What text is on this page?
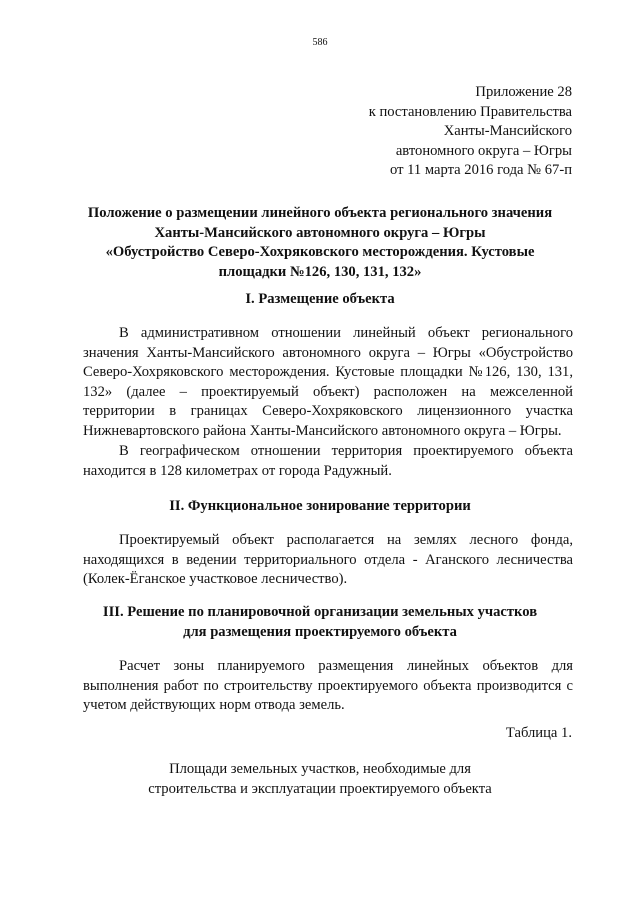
586
Приложение 28
к постановлению Правительства
Ханты-Мансийского
автономного округа – Югры
от 11 марта 2016 года № 67-п
Положение о размещении линейного объекта регионального значения
Ханты-Мансийского автономного округа – Югры
«Обустройство Северо-Хохряковского месторождения. Кустовые
площадки №126, 130, 131, 132»
I. Размещение объекта
В административном отношении линейный объект регионального значения Ханты-Мансийского автономного округа – Югры «Обустройство Северо-Хохряковского месторождения. Кустовые площадки №126, 130, 131, 132» (далее – проектируемый объект) расположен на межселенной территории в границах Северо-Хохряковского лицензионного участка Нижневартовского района Ханты-Мансийского автономного округа – Югры.
В географическом отношении территория проектируемого объекта находится в 128 километрах от города Радужный.
II. Функциональное зонирование территории
Проектируемый объект располагается на землях лесного фонда, находящихся в ведении территориального отдела - Аганского лесничества (Колек-Ёганское участковое лесничество).
III. Решение по планировочной организации земельных участков
для размещения проектируемого объекта
Расчет зоны планируемого размещения линейных объектов для выполнения работ по строительству проектируемого объекта производится с учетом действующих норм отвода земель.
Таблица 1.
Площади земельных участков, необходимые для
строительства и эксплуатации проектируемого объекта
